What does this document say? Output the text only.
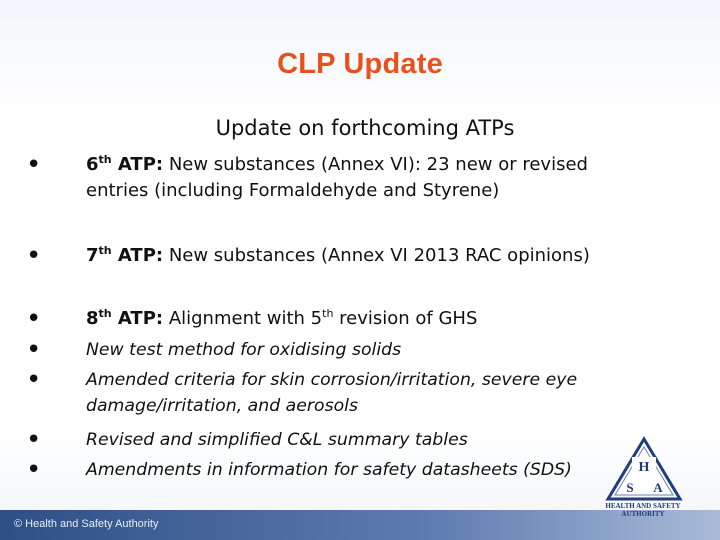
CLP Update
Update on forthcoming ATPs
• 6th ATP: New substances (Annex VI): 23 new or revised
entries (including Formaldehyde and Styrene)
• 7th ATP: New substances (Annex VI 2013 RAC opinions)
• 8th ATP: Alignment with 5th revision of GHS
•	New test method for oxidising solids
•	Amended criteria for skin corrosion/irritation, severe eye
damage/irritation, and aerosols
•	Revised and simplified C&L summary tables
•	Amendments in information for safety datasheets (SDS)
© Health and Safety Authority
H
S A
HEALTH AND SAFETY
AUTHORITY
